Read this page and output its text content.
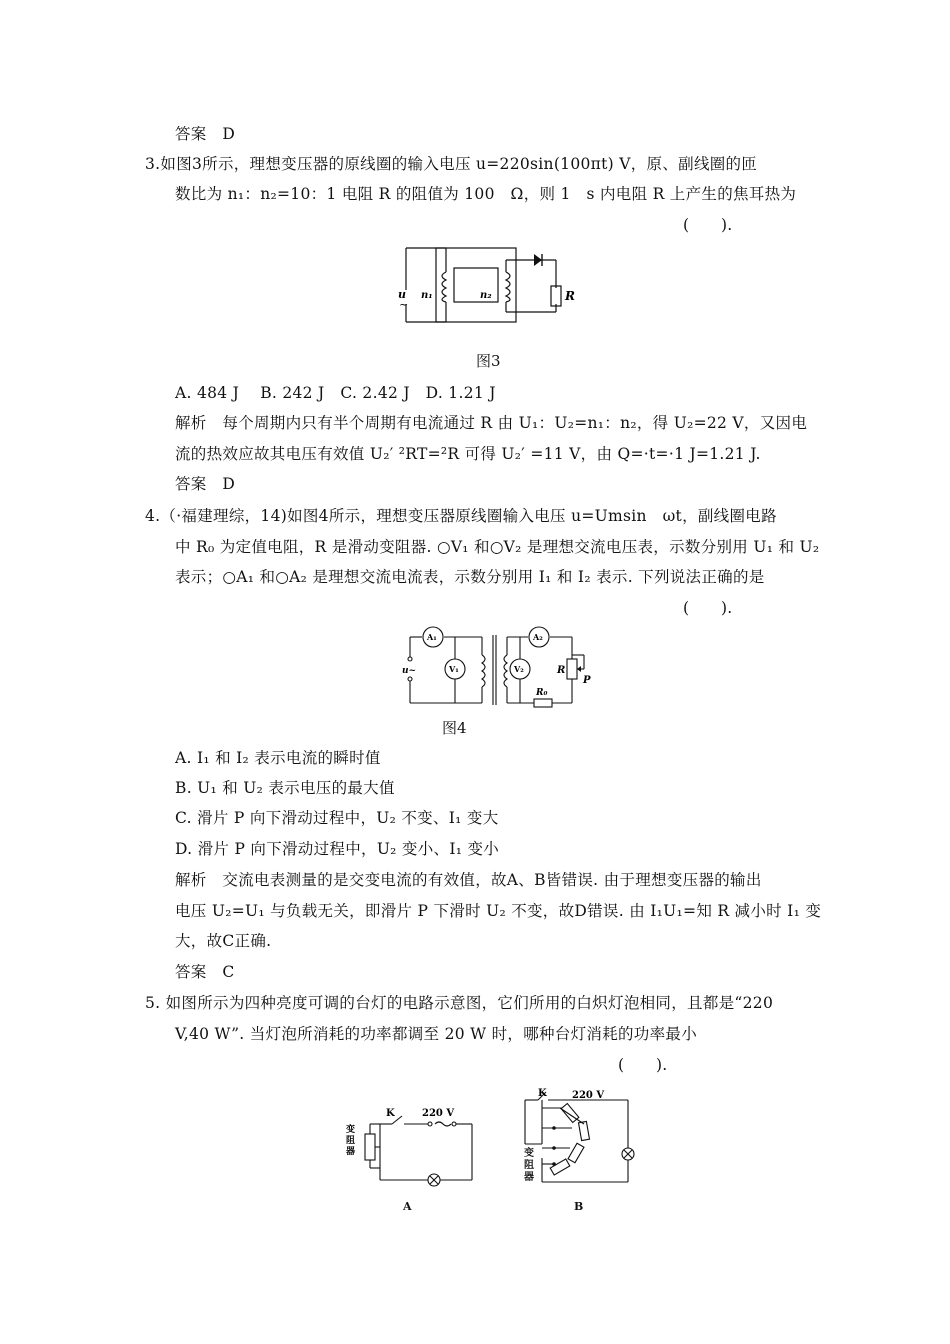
答案　D
3.如图3所示，理想变压器的原线圈的输入电压 u=220sin(100πt) V，原、副线圈的匝
数比为 n₁：n₂=10：1 电阻 R 的阻值为 100　Ω，则 1　s 内电阻 R 上产生的焦耳热为
(　　).
u
~
n₁	n₂	R
图3
A. 484 J　 B. 242 J　C. 2.42 J　D. 1.21 J
解析　每个周期内只有半个周期有电流通过 R 由 U₁：U₂=n₁：n₂，得 U₂=22 V，又因电
流的热效应故其电压有效值 U₂′ ²RT=²R 可得 U₂′ =11 V，由 Q=·t=·1 J=1.21 J.
答案　D
4.（·福建理综，14)如图4所示，理想变压器原线圈输入电压 u=Umsin　ωt，副线圈电路
中 R₀ 为定值电阻，R 是滑动变阻器. ○V₁ 和○V₂ 是理想交流电压表，示数分别用 U₁ 和 U₂
表示；○A₁ 和○A₂ 是理想交流电流表，示数分别用 I₁ 和 I₂ 表示. 下列说法正确的是
(　　).
A₁
V₁
A₂
V₂
u~	R
P
R₀
图4
A. I₁ 和 I₂ 表示电流的瞬时值
B. U₁ 和 U₂ 表示电压的最大值
C. 滑片 P 向下滑动过程中，U₂ 不变、I₁ 变大
D. 滑片 P 向下滑动过程中，U₂ 变小、I₁ 变小
解析　交流电表测量的是交变电流的有效值，故A、B皆错误. 由于理想变压器的输出
电压 U₂=U₁ 与负载无关，即滑片 P 下滑时 U₂ 不变，故D错误. 由 I₁U₁=知 R 减小时 I₁ 变
大，故C正确.
答案　C
5. 如图所示为四种亮度可调的台灯的电路示意图，它们所用的白炽灯泡相同，且都是“220
V,40 W”. 当灯泡所消耗的功率都调至 20 W 时，哪种台灯消耗的功率最小
(　　).
K	220 V
变阻器
A
K	220 V
变阻器
B
